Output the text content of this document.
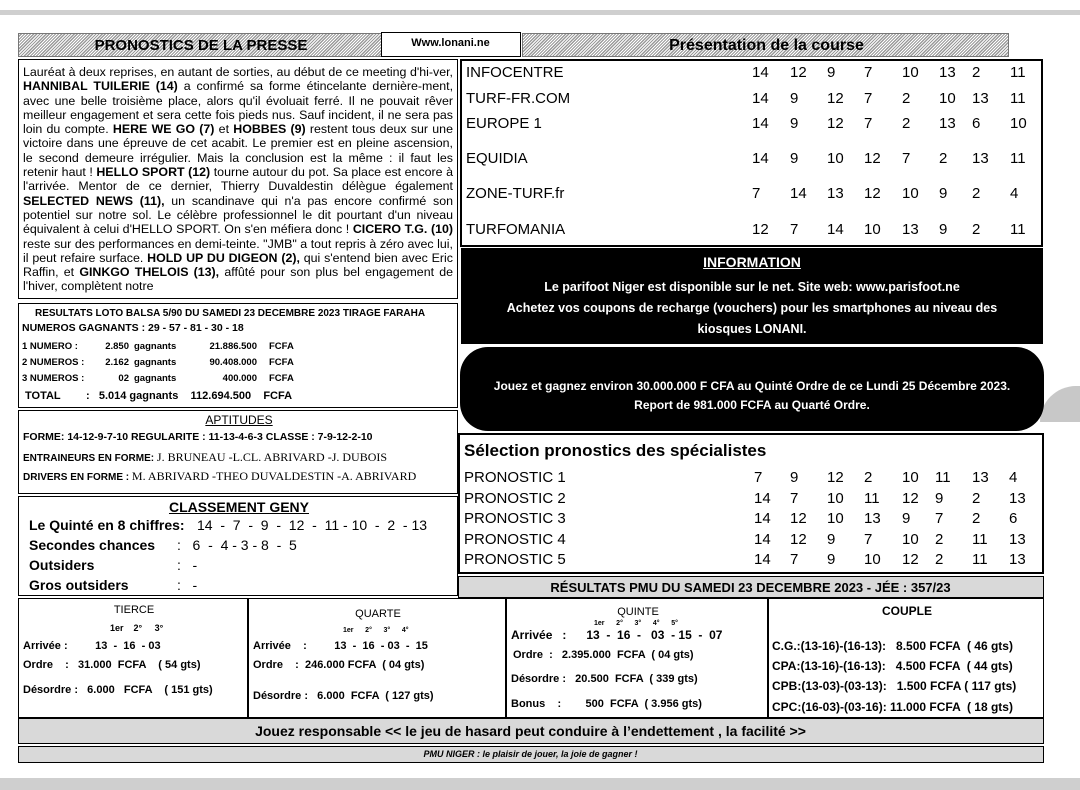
PRONOSTICS DE LA PRESSE	Www.lonani.ne	Présentation de la course
Lauréat à deux reprises, en autant de sorties, au début de ce meeting d'hi-ver, HANNIBAL TUILERIE (14) a confirmé sa forme étincelante dernière-ment, avec une belle troisième place, alors qu'il évoluait ferré. Il ne pouvait rêver meilleur engagement et sera cette fois pieds nus. Sauf incident, il ne sera pas loin du compte. HERE WE GO (7) et HOBBES (9) restent tous deux sur une victoire dans une épreuve de cet acabit. Le premier est en pleine ascension, le second demeure irrégulier. Mais la conclusion est la même : il faut les retenir haut ! HELLO SPORT (12) tourne autour du pot. Sa place est encore à l'arrivée. Mentor de ce dernier, Thierry Duvaldestin délègue également SELECTED NEWS (11), un scandinave qui n'a pas encore confirmé son potentiel sur notre sol. Le célèbre professionnel le dit pourtant d'un niveau équivalent à celui d'HELLO SPORT. On s'en méfiera donc ! CICERO T.G. (10) reste sur des performances en demi-teinte. "JMB" a tout repris à zéro avec lui, il peut refaire surface. HOLD UP DU DIGEON (2), qui s'entend bien avec Eric Raffin, et GINKGO THELOIS (13), affûté pour son plus bel engagement de l'hiver, complètent notre
INFOCENTRE	14 12 9 7 10 13 2 11
TURF-FR.COM	14 9 12 7 2 10 13 11
EUROPE 1	14 9 12 7 2 13 6 10
EQUIDIA	14 9 10 12 7 2 13 11
ZONE-TURF.fr	7 14 13 12 10 9 2 4
TURFOMANIA	12 7 14 10 13 9 2 11
RESULTATS LOTO BALSA 5/90 DU SAMEDI 23 DECEMBRE 2023 TIRAGE FARAHA
NUMEROS GAGNANTS : 29 - 57 - 81 - 30 - 18
1 NUMERO :	2.850 gagnants	21.886.500 FCFA
2 NUMEROS :	2.162 gagnants	90.408.000 FCFA
3 NUMEROS :	02 gagnants	400.000 FCFA
TOTAL :   5.014 gagnants    112.694.500    FCFA
APTITUDES
FORME: 14-12-9-7-10 REGULARITE : 11-13-4-6-3 CLASSE : 7-9-12-2-10
ENTRAINEURS EN FORME: J. BRUNEAU -L.CL. ABRIVARD -J. DUBOIS
DRIVERS EN FORME : M. ABRIVARD -THEO DUVALDESTIN -A. ABRIVARD
CLASSEMENT GENY
Le Quinté en 8 chiffres: 14  -  7  -  9  -  12  -  11 - 10  -  2  - 13
Secondes chances :   6  -  4 - 3 - 8  -  5
Outsiders	:   -
Gros outsiders	:   -
INFORMATION
Le parifoot Niger est disponible sur le net. Site web: www.parisfoot.ne
Achetez vos coupons de recharge (vouchers) pour les smartphones au niveau des
kiosques LONANI.
Jouez et gagnez environ 30.000.000 F CFA au Quinté Ordre de ce Lundi 25 Décembre 2023.
Report de 981.000 FCFA au Quarté Ordre.
Sélection pronostics des spécialistes
PRONOSTIC 1	7 9 12 2 10 11 13 4
PRONOSTIC 2	14 7 10 11 12 9 2 13
PRONOSTIC 3	14 12 10 13 9 7 2 6
PRONOSTIC 4	14 12 9 7 10 2 11 13
PRONOSTIC 5	14 7 9 10 12 2 11 13
RÉSULTATS PMU DU SAMEDI 23 DECEMBRE 2023 - JÉE : 357/23
TIERCE
1er    2°     3°
Arrivée :         13  -  16  - 03
Ordre    :   31.000  FCFA    ( 54 gts)
Désordre :   6.000   FCFA    ( 151 gts)
QUARTE
1er      2°      3°      4°
Arrivée    :         13  -  16  - 03  -  15
Ordre    :  246.000 FCFA  ( 04 gts)
Désordre :   6.000  FCFA  ( 127 gts)
QUINTE
1er      2°      3°      4°      5°
Arrivée   :      13  -  16  -   03  - 15  -  07
Ordre  :   2.395.000  FCFA  ( 04 gts)
Désordre :   20.500  FCFA  ( 339 gts)
Bonus    :        500  FCFA  ( 3.956 gts)
COUPLE
C.G.:(13-16)-(16-13):   8.500 FCFA  ( 46 gts)
CPA:(13-16)-(16-13):   4.500 FCFA  ( 44 gts)
CPB:(13-03)-(03-13):   1.500 FCFA ( 117 gts)
CPC:(16-03)-(03-16): 11.000 FCFA  ( 18 gts)
Jouez responsable << le jeu de hasard peut conduire à l’endettement , la facilité >>
PMU NIGER : le plaisir de jouer, la joie de gagner !
